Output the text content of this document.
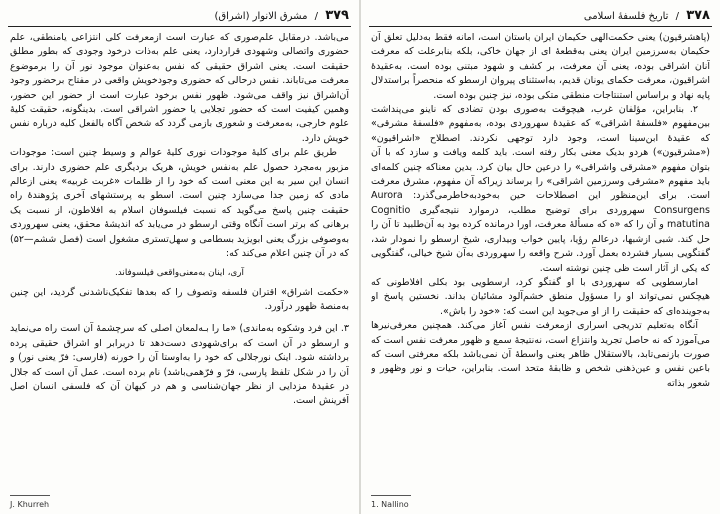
۳۷۹ / مشرق الانوار (اشراق)

می‌باشد. درمقابل علم‌صوری که عبارت است ازمعرفت کلی انتزاعی یامنطقی، علم حضوری واتصالی وشهودی قراردارد، یعنی علم به‌ذات درخود وجودی که بطور مطلق حقیقت است. یعنی اشراق حقیقی که نفس به‌عنوان موجود نور آن را برموضوع معرفت می‌تاباند. نفس درحالی که حضوری وجودخویش واقعی در مفتاح برحضور وجود آن‌اشراق نیز واقف می‌شود. ظهور نفس برخود عبارت است از حضور این حضور، وهمین کیفیت است که حضور تجلایی یا حضور اشراقی است. بدینگونه، حقیقت کلیهٔ علوم خارجی، به‌معرفت و شعوری بازمی گردد که شخص آگاه بالفعل کلیه درباره نفس خویش دارد.

طریق علم برای کلیهٔ موجودات نوری کلیهٔ عوالم و وسیط چنین است: موجودات مزبور به‌مجرد حصول علم به‌نفس خویش، هریک بردیگری علم حضوری دارند. برای انسان این سیر به این معنی است که خود را از ظلمات «غربت غربیه» یعنی ازعالم مادی که زمین جدا می‌سازد چنین است. اسطو به پرستشهای آخری پژوهندهٔ راه حقیقت چنین پاسخ می‌گوید که نسبت فیلسوفان اسلام به افلاطون، از نسبت یک برهانی که برتر است آنگاه وقتی ارسطو در می‌یابد که اندیشهٔ محقق، یعنی سهروردی به‌وصوفی بزرگ یعنی ابویزید بسطامی و سهل‌تستری مشغول است (فصل ششم—۵۲) که در آن چنین اعلام می‌کند که:

آری، اینان به‌معنی‌واقعی فیلسوفاند.

«حکمت اشراق» اقتران فلسفه وتصوف را که بعدها تفکیک‌ناشدنی گردید، این چنین به‌منصهٔ ظهور درآورد.

۳. این فرد وشکوه به‌ماندی) «ما را بـه‌لمعان اصلی که سرچشمهٔ آن است راه می‌نماید و ارسطو در آن است که برای‌شهودی دست‌دهد تا دربرابر او اشراق حقیقی پرده برداشته شود. اینک نورجلالی که خود را به‌اوستا آن را خورنه (فارسی: فرّ یعنی نور) و آن را در شکل تلفظ پارسی، فرّ و فرّهمی‌باشد) نام برده است. عمل آن است که جلال در عقیدهٔ مزدایی از نظر جهان‌شناسی و هم در کیهان آن که فلسفی انسان اصل آفرینش است.

J. Khurreh
۳۷۸ / تاریخ فلسفهٔ اسلامی

(پاهشرقیون) یعنی حکمت‌الهی حکیمان ایران باستان است، امانه فقط به‌دلیل تعلق آن حکیمان به‌سرزمین ایران یعنی به‌قطعهٔ ای از جهان خاکی، بلکه بنابرعلت که معرفت آنان اشراقی بوده، یعنی آن معرفت، بر کشف و شهود مبتنی بوده است. به‌عقیدهٔ اشراقیون، معرفت حکمای یونان قدیم، به‌استثنای پیروان ارسطو که منحصراً براستدلال پایه نهاد و براساس استنتاجات منطقی متکی بوده، نیز چنین بوده است.

۲. بنابراین، مؤلفان غرب، هیچوقت به‌صوری بودن تضادی که ناینو می‌پنداشت بین‌مفهوم «فلسفهٔ اشراقی» که عقیدهٔ سهروردی بوده، به‌مفهوم «فلسفهٔ مشرقی» که عقیدهٔ ابن‌سینا است، وجود دارد توجهی نکردند. اصطلاح «اشراقیون» («مشرقیون») هردو بدیک معنی بکار رفته است. باید کلمه ویافت و سازد که با آن بتوان مفهوم «مشرقی واشراقی» را درعین حال بیان کرد. بدین معناکه چنین کلمه‌ای باید مفهوم «مشرقی وسرزمین اشراقی» را برساند زیراکه آن مفهوم، مشرق معرفت است. برای این‌منظور این اصطلاحات حین به‌خودبه‌خاطرمی‌گذرد: Aurora Consurgens سهروردی برای توضیح مطلب، درموارد نتیجه‌گیری Cognitio matutina و آن را که «ه که مسألهٔ معرفت، اورا درمانده کرده بود به آن‌طلبید تا آن را حل کند. شبی ازشبها، درعالم رؤیا، پایین خواب وبیداری، شیخ ارسطو را نمودار شد، گفتگویی بسیار فشرده بعمل آورد. شرح واقعه را سهروردی به‌آن شیخ خیالی، گفتگویی که یکی از آثار است ظی چنین نوشته است.

امارسطویی که سهروردی با او گفتگو کرد، ارسطویی بود بکلی افلاطونی که هیچکس نمی‌تواند او را مسؤول منطق خشم‌آلود مشائیان بداند. نخستین پاسخ او به‌جوینده‌ای که حقیقت را از او می‌جوید این است که: «خود را باش».

آنگاه به‌تعلیم تدریجی اسراری ازمعرفت نفس آغاز می‌کند. همچنین معرفی‌نیرها می‌آموزد که نه حاصل تجرید وانتزاع است، نه‌نتیجهٔ سمع و ظهور معرفت نفس است که صورت بازنمی‌تابد، بالاستقلال ظاهر یعنی واسطهٔ آن نمی‌باشد بلکه معرفتی است که باعین نفس و عین‌ذهنی شخص و ظابقهٔ متحد است. بنابراین، حیات و نور وظهور و شعور بذاته

1. Nallino
